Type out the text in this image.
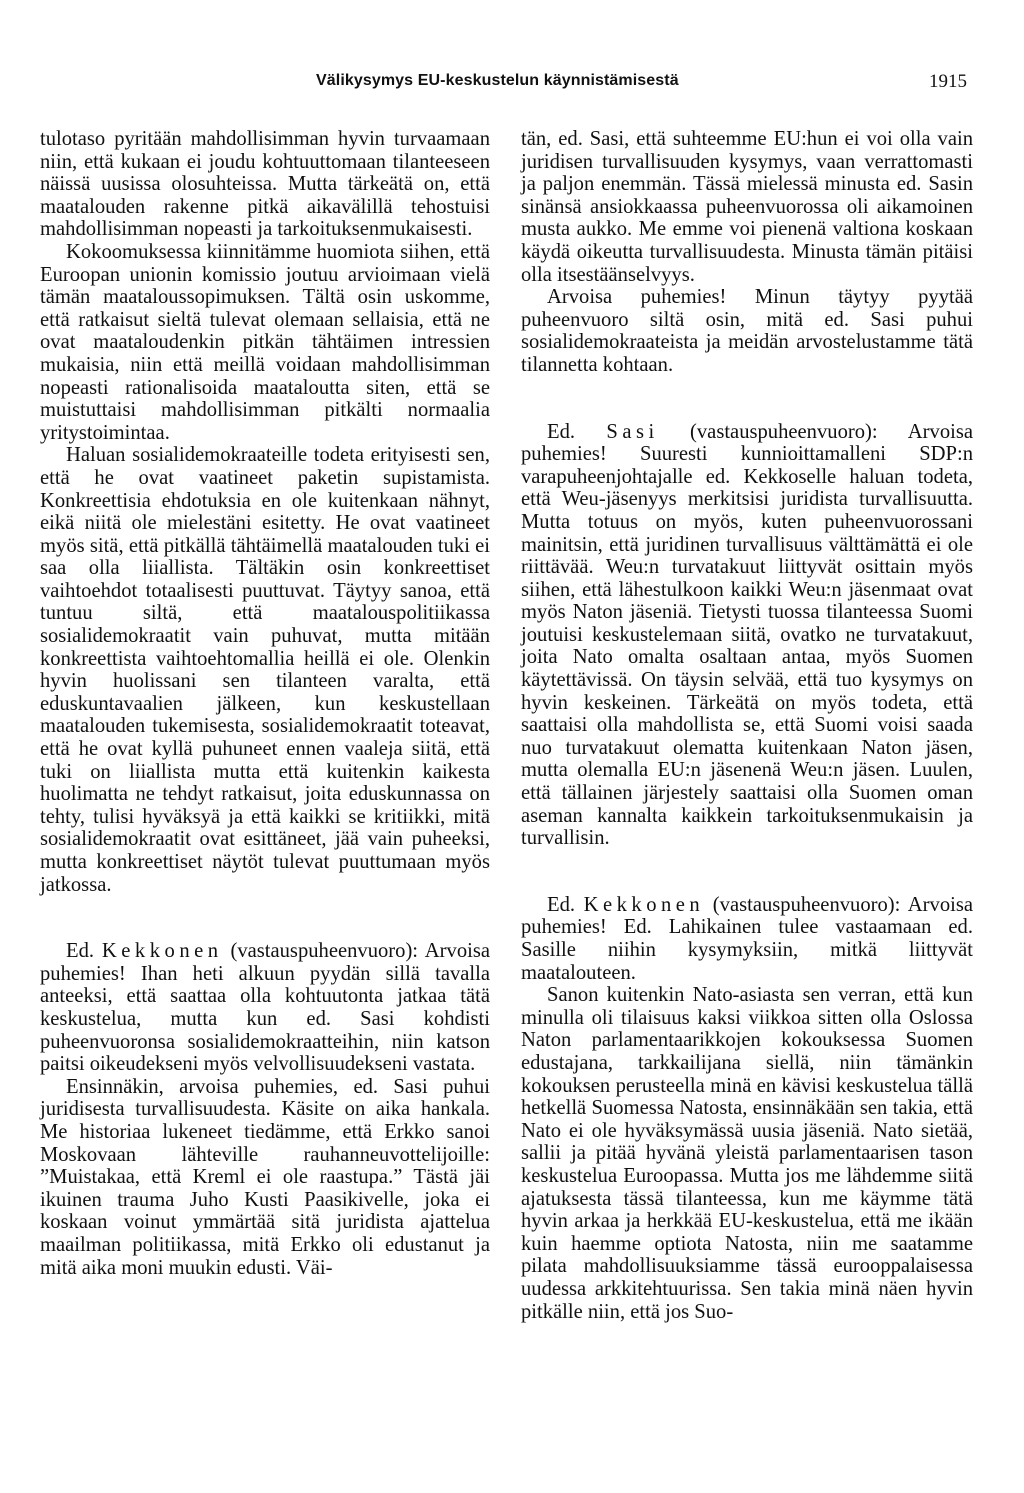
Välikysymys EU-keskustelun käynnistämisestä	1915

tulotaso pyritään mahdollisimman hyvin turvaamaan niin, että kukaan ei joudu kohtuuttomaan tilanteeseen näissä uusissa olosuhteissa. Mutta tärkeätä on, että maatalouden rakenne pitkä aikavälillä tehostuisi mahdollisimman nopeasti ja tarkoituksenmukaisesti.

Kokoomuksessa kiinnitämme huomiota siihen, että Euroopan unionin komissio joutuu arvioimaan vielä tämän maataloussopimuksen. Tältä osin uskomme, että ratkaisut sieltä tulevat olemaan sellaisia, että ne ovat maataloudenkin pitkän tähtäimen intressien mukaisia, niin että meillä voidaan mahdollisimman nopeasti rationalisoida maataloutta siten, että se muistuttaisi mahdollisimman pitkälti normaalia yritystoimintaa.

Haluan sosialidemokraateille todeta erityisesti sen, että he ovat vaatineet paketin supistamista. Konkreettisia ehdotuksia en ole kuitenkaan nähnyt, eikä niitä ole mielestäni esitetty. He ovat vaatineet myös sitä, että pitkällä tähtäimellä maatalouden tuki ei saa olla liiallista. Tältäkin osin konkreettiset vaihtoehdot totaalisesti puuttuvat. Täytyy sanoa, että tuntuu siltä, että maatalouspolitiikassa sosialidemokraatit vain puhuvat, mutta mitään konkreettista vaihtoehtomallia heillä ei ole. Olenkin hyvin huolissani sen tilanteen varalta, että eduskuntavaalien jälkeen, kun keskustellaan maatalouden tukemisesta, sosialidemokraatit toteavat, että he ovat kyllä puhuneet ennen vaaleja siitä, että tuki on liiallista mutta että kuitenkin kaikesta huolimatta ne tehdyt ratkaisut, joita eduskunnassa on tehty, tulisi hyväksyä ja että kaikki se kritiikki, mitä sosialidemokraatit ovat esittäneet, jää vain puheeksi, mutta konkreettiset näytöt tulevat puuttumaan myös jatkossa.

Ed. Kekkonen (vastauspuheenvuoro): Arvoisa puhemies! Ihan heti alkuun pyydän sillä tavalla anteeksi, että saattaa olla kohtuutonta jatkaa tätä keskustelua, mutta kun ed. Sasi kohdisti puheenvuoronsa sosialidemokraatteihin, niin katson paitsi oikeudekseni myös velvollisuudekseni vastata.

Ensinnäkin, arvoisa puhemies, ed. Sasi puhui juridisesta turvallisuudesta. Käsite on aika hankala. Me historiaa lukeneet tiedämme, että Erkko sanoi Moskovaan lähteville rauhanneuvottelijoille: ”Muistakaa, että Kreml ei ole raastupa.” Tästä jäi ikuinen trauma Juho Kusti Paasikivelle, joka ei koskaan voinut ymmärtää sitä juridista ajattelua maailman politiikassa, mitä Erkko oli edustanut ja mitä aika moni muukin edusti. Väi-

tän, ed. Sasi, että suhteemme EU:hun ei voi olla vain juridisen turvallisuuden kysymys, vaan verrattomasti ja paljon enemmän. Tässä mielessä minusta ed. Sasin sinänsä ansiokkaassa puheenvuorossa oli aikamoinen musta aukko. Me emme voi pienenä valtiona koskaan käydä oikeutta turvallisuudesta. Minusta tämän pitäisi olla itsestäänselvyys.

Arvoisa puhemies! Minun täytyy pyytää puheenvuoro siltä osin, mitä ed. Sasi puhui sosialidemokraateista ja meidän arvostelustamme tätä tilannetta kohtaan.

Ed. Sasi (vastauspuheenvuoro): Arvoisa puhemies! Suuresti kunnioittamalleni SDP:n varapuheenjohtajalle ed. Kekkoselle haluan todeta, että Weu-jäsenyys merkitsisi juridista turvallisuutta. Mutta totuus on myös, kuten puheenvuorossani mainitsin, että juridinen turvallisuus välttämättä ei ole riittävää. Weu:n turvatakuut liittyvät osittain myös siihen, että lähestulkoon kaikki Weu:n jäsenmaat ovat myös Naton jäseniä. Tietysti tuossa tilanteessa Suomi joutuisi keskustelemaan siitä, ovatko ne turvatakuut, joita Nato omalta osaltaan antaa, myös Suomen käytettävissä. On täysin selvää, että tuo kysymys on hyvin keskeinen. Tärkeätä on myös todeta, että saattaisi olla mahdollista se, että Suomi voisi saada nuo turvatakuut olematta kuitenkaan Naton jäsen, mutta olemalla EU:n jäsenenä Weu:n jäsen. Luulen, että tällainen järjestely saattaisi olla Suomen oman aseman kannalta kaikkein tarkoituksenmukaisin ja turvallisin.

Ed. Kekkonen (vastauspuheenvuoro): Arvoisa puhemies! Ed. Lahikainen tulee vastaamaan ed. Sasille niihin kysymyksiin, mitkä liittyvät maatalouteen.

Sanon kuitenkin Nato-asiasta sen verran, että kun minulla oli tilaisuus kaksi viikkoa sitten olla Oslossa Naton parlamentaarikkojen kokouksessa Suomen edustajana, tarkkailijana siellä, niin tämänkin kokouksen perusteella minä en kävisi keskustelua tällä hetkellä Suomessa Natosta, ensinnäkään sen takia, että Nato ei ole hyväksymässä uusia jäseniä. Nato sietää, sallii ja pitää hyvänä yleistä parlamentaarisen tason keskustelua Euroopassa. Mutta jos me lähdemme siitä ajatuksesta tässä tilanteessa, kun me käymme tätä hyvin arkaa ja herkkää EU-keskustelua, että me ikään kuin haemme optiota Natosta, niin me saatamme pilata mahdollisuuksiamme tässä eurooppalaisessa uudessa arkkitehtuurissa. Sen takia minä näen hyvin pitkälle niin, että jos Suo-
